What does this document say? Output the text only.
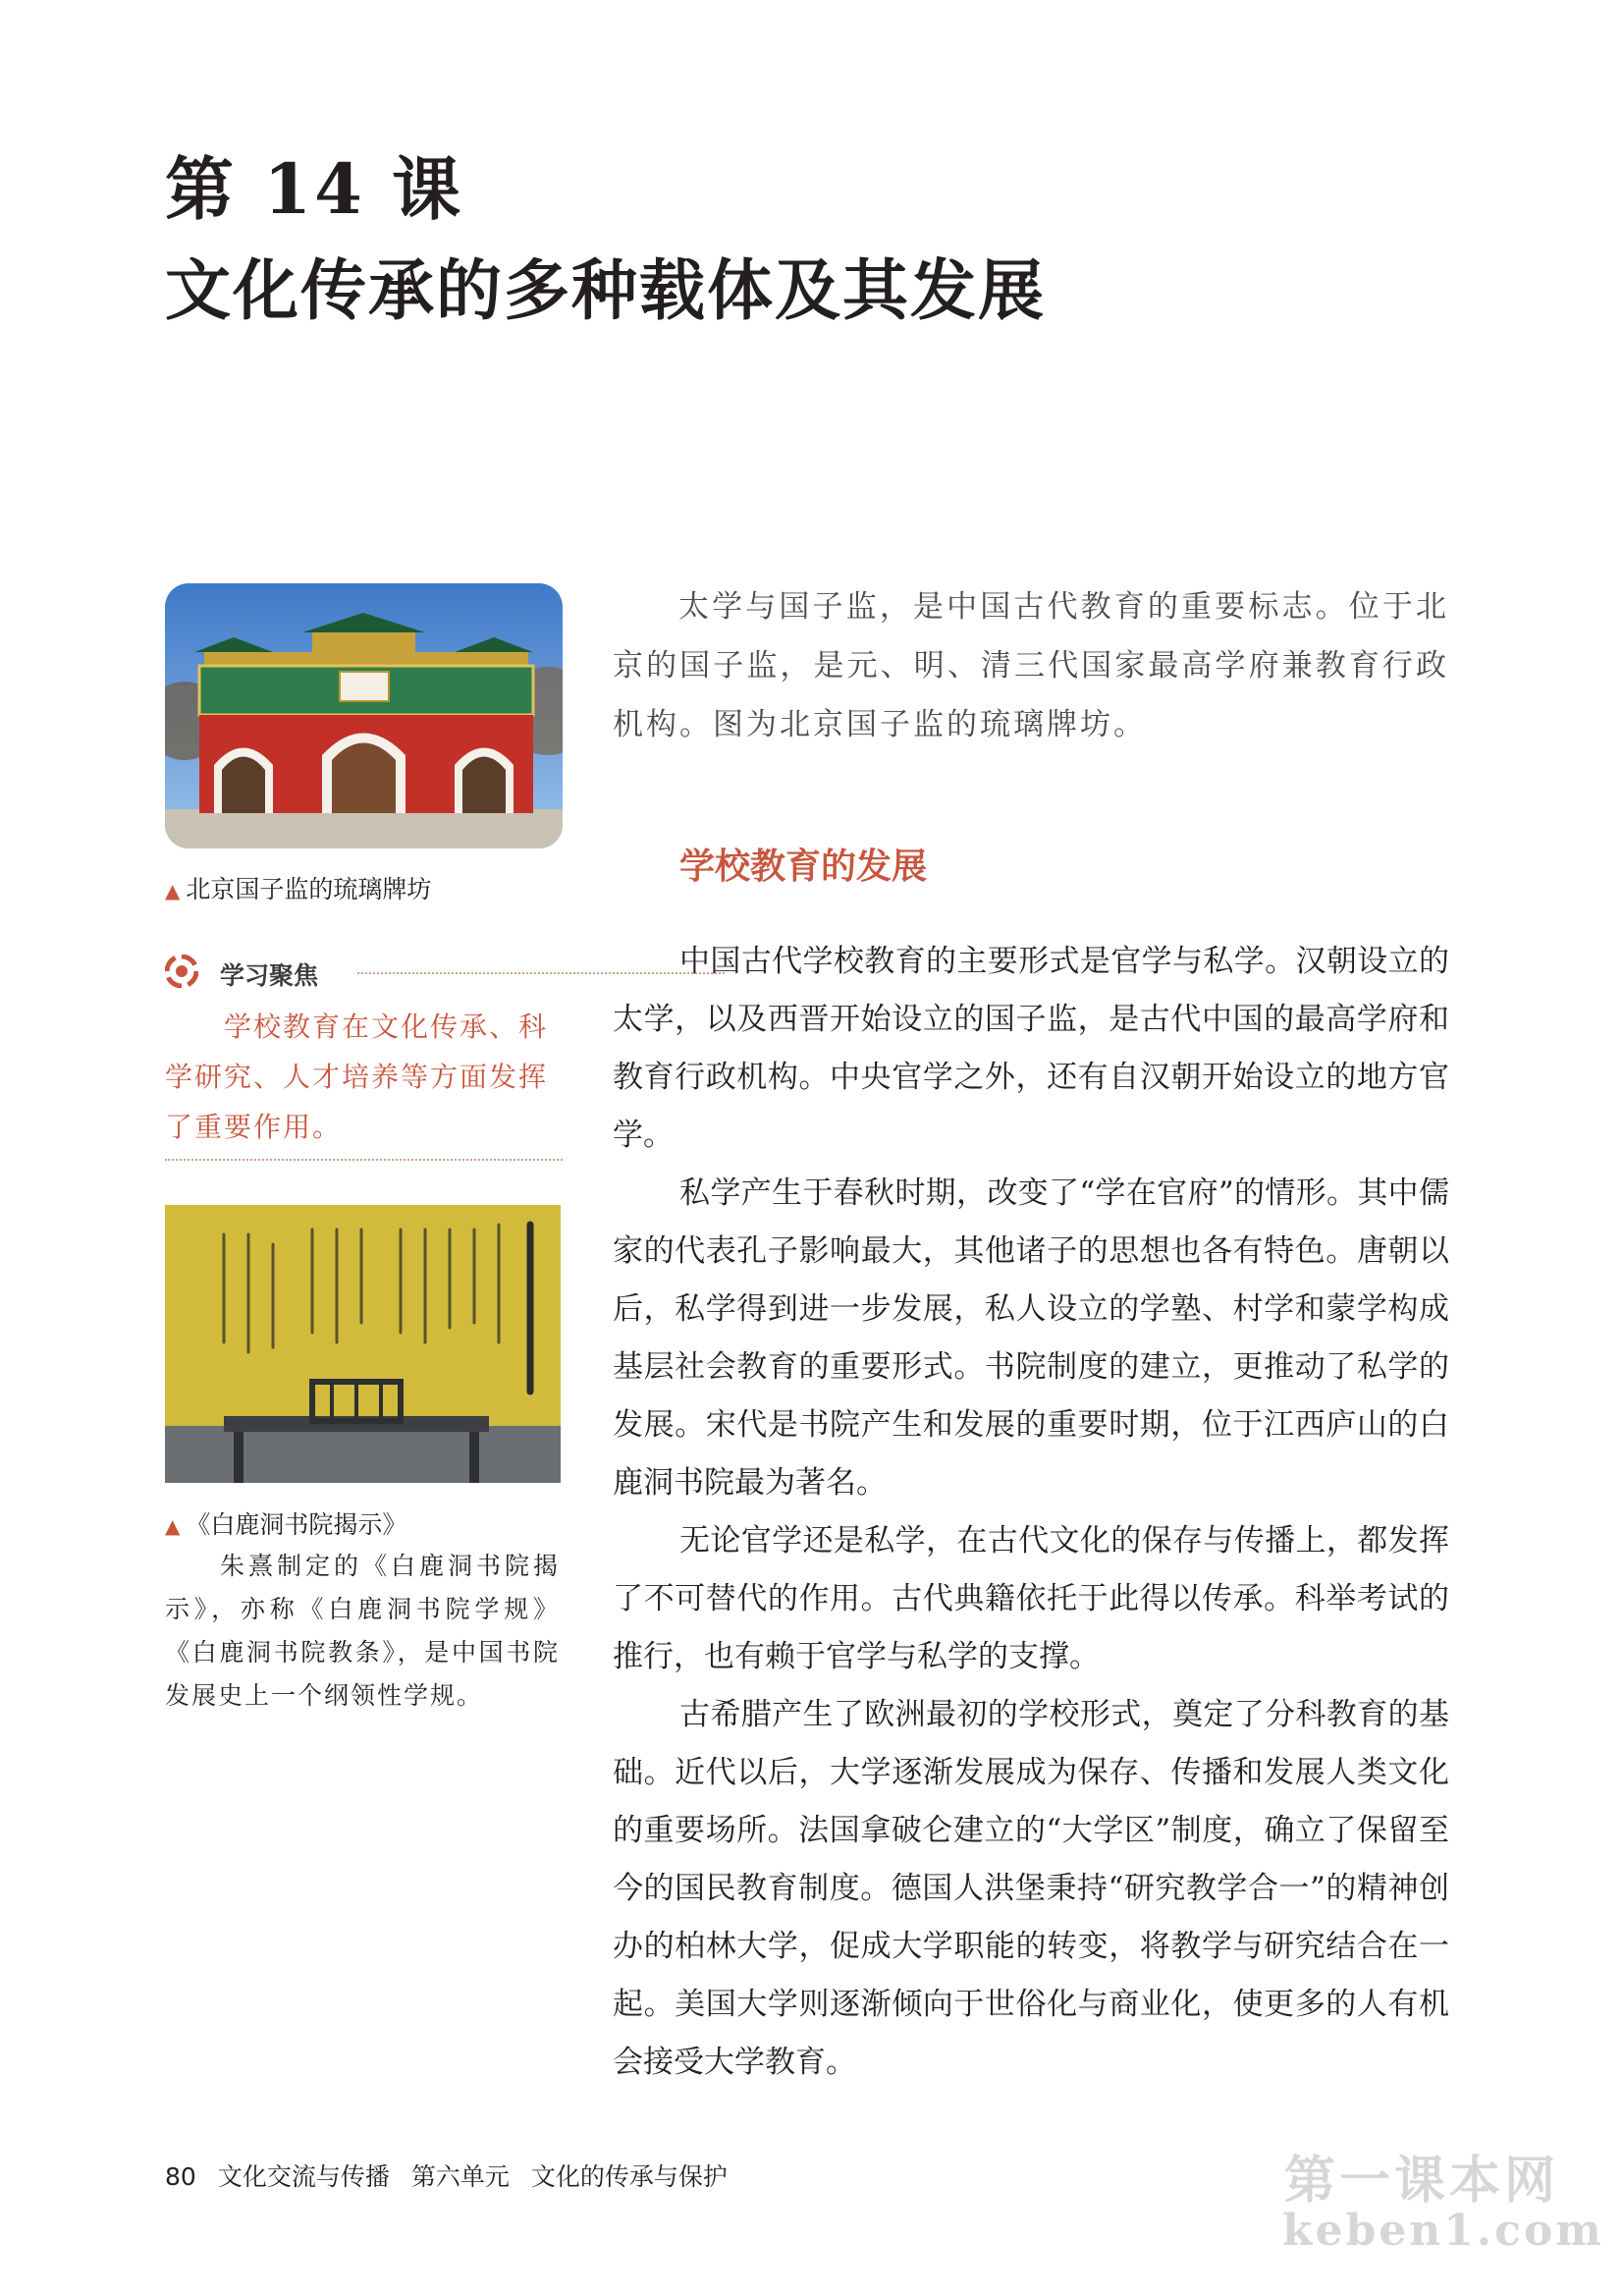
第 14 课
文化传承的多种载体及其发展
▲ 北京国子监的琉璃牌坊
学习聚焦
学校教育在文化传承、科学研究、人才培养等方面发挥了重要作用。
▲ 《白鹿洞书院揭示》

朱熹制定的《白鹿洞书院揭示》，亦称《白鹿洞书院学规》《白鹿洞书院教条》，是中国书院发展史上一个纲领性学规。

太学与国子监，是中国古代教育的重要标志。位于北京的国子监，是元、明、清三代国家最高学府兼教育行政机构。图为北京国子监的琉璃牌坊。

学校教育的发展

中国古代学校教育的主要形式是官学与私学。汉朝设立的太学，以及西晋开始设立的国子监，是古代中国的最高学府和教育行政机构。中央官学之外，还有自汉朝开始设立的地方官学。

私学产生于春秋时期，改变了“学在官府”的情形。其中儒家的代表孔子影响最大，其他诸子的思想也各有特色。唐朝以后，私学得到进一步发展，私人设立的学塾、村学和蒙学构成基层社会教育的重要形式。书院制度的建立，更推动了私学的发展。宋代是书院产生和发展的重要时期，位于江西庐山的白鹿洞书院最为著名。

无论官学还是私学，在古代文化的保存与传播上，都发挥了不可替代的作用。古代典籍依托于此得以传承。科举考试的推行，也有赖于官学与私学的支撑。

古希腊产生了欧洲最初的学校形式，奠定了分科教育的基础。近代以后，大学逐渐发展成为保存、传播和发展人类文化的重要场所。法国拿破仑建立的“大学区”制度，确立了保留至今的国民教育制度。德国人洪堡秉持“研究教学合一”的精神创办的柏林大学，促成大学职能的转变，将教学与研究结合在一起。美国大学则逐渐倾向于世俗化与商业化，使更多的人有机会接受大学教育。

80 文化交流与传播 第六单元 文化的传承与保护	第一课本网
keben1.com
